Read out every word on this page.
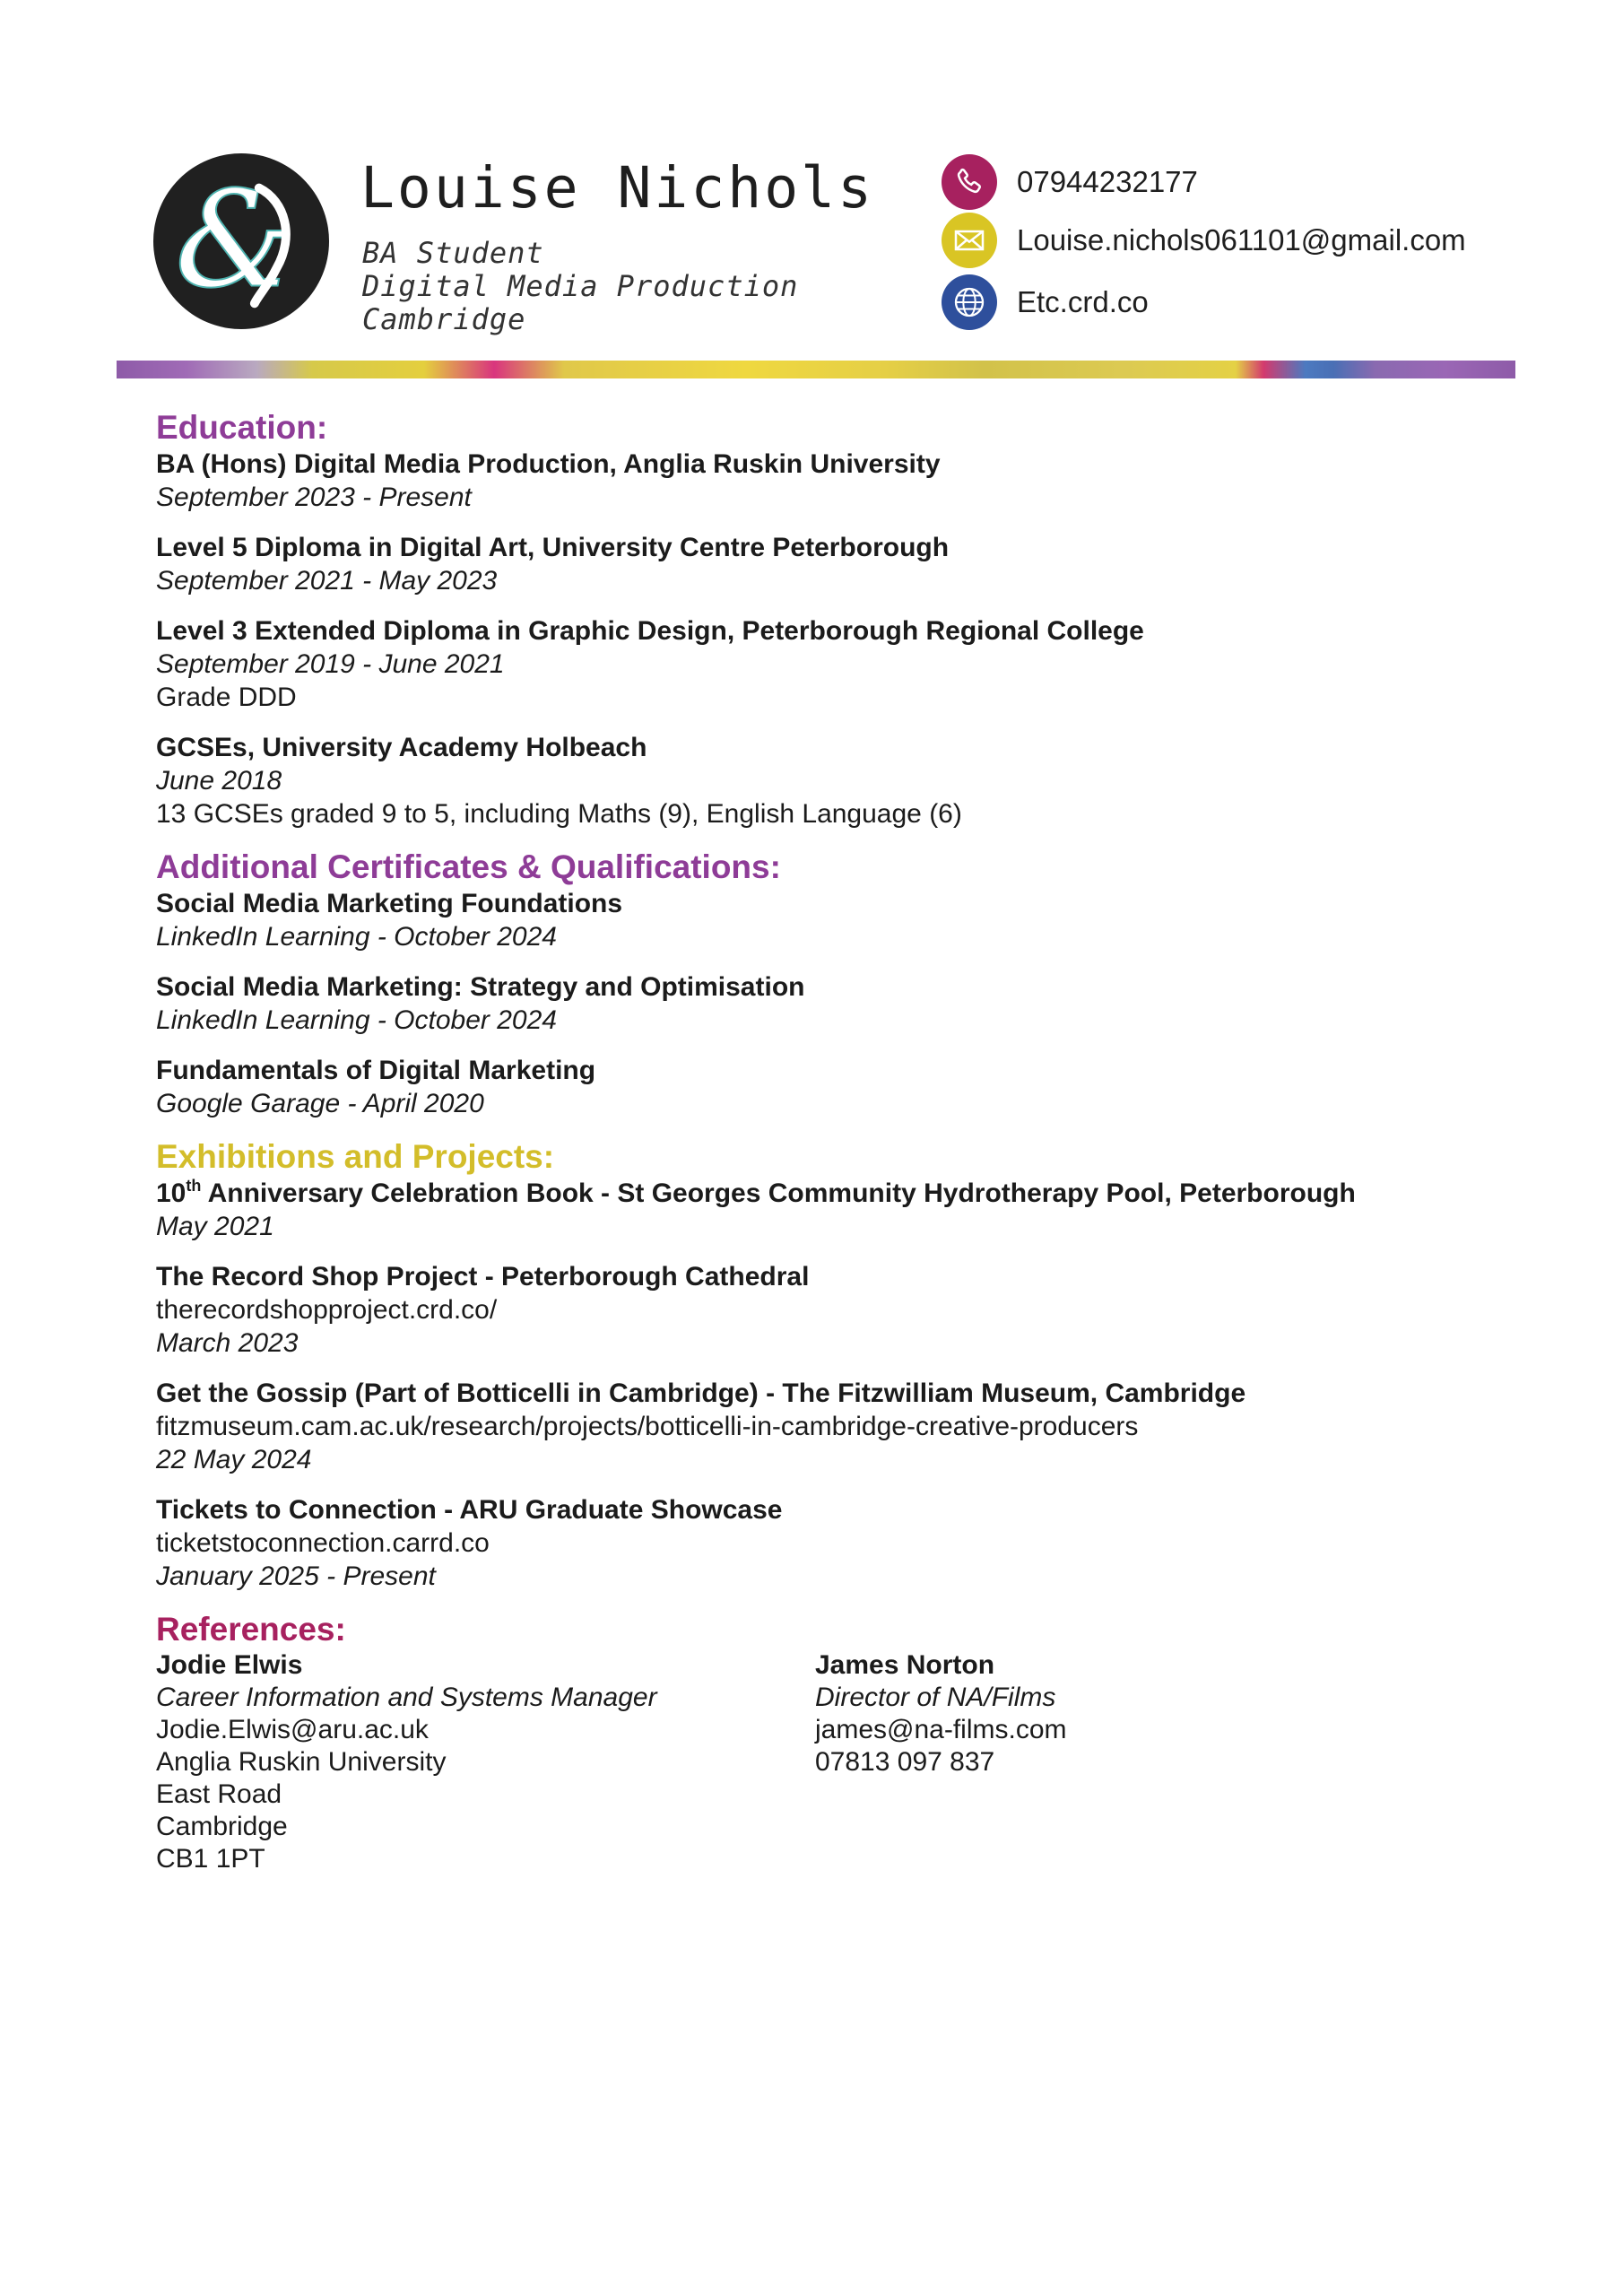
& Louise Nichols
BA Student
Digital Media Production
Cambridge
07944232177
Louise.nichols061101@gmail.com
Etc.crd.co
Education:
BA (Hons) Digital Media Production, Anglia Ruskin University
September 2023 - Present
Level 5 Diploma in Digital Art, University Centre Peterborough
September 2021 - May 2023
Level 3 Extended Diploma in Graphic Design, Peterborough Regional College
September 2019 - June 2021
Grade DDD
GCSEs, University Academy Holbeach
June 2018
13 GCSEs graded 9 to 5, including Maths (9), English Language (6)
Additional Certificates & Qualifications:
Social Media Marketing Foundations
LinkedIn Learning - October 2024
Social Media Marketing: Strategy and Optimisation
LinkedIn Learning - October 2024
Fundamentals of Digital Marketing
Google Garage - April 2020
Exhibitions and Projects:
10th Anniversary Celebration Book - St Georges Community Hydrotherapy Pool, Peterborough
May 2021
The Record Shop Project - Peterborough Cathedral
therecordshopproject.crd.co/
March 2023
Get the Gossip (Part of Botticelli in Cambridge) - The Fitzwilliam Museum, Cambridge
fitzmuseum.cam.ac.uk/research/projects/botticelli-in-cambridge-creative-producers
22 May 2024
Tickets to Connection - ARU Graduate Showcase
ticketstoconnection.carrd.co
January 2025 - Present
References:
Jodie Elwis
Career Information and Systems Manager
Jodie.Elwis@aru.ac.uk
Anglia Ruskin University
East Road
Cambridge
CB1 1PT
James Norton
Director of NA/Films
james@na-films.com
07813 097 837
